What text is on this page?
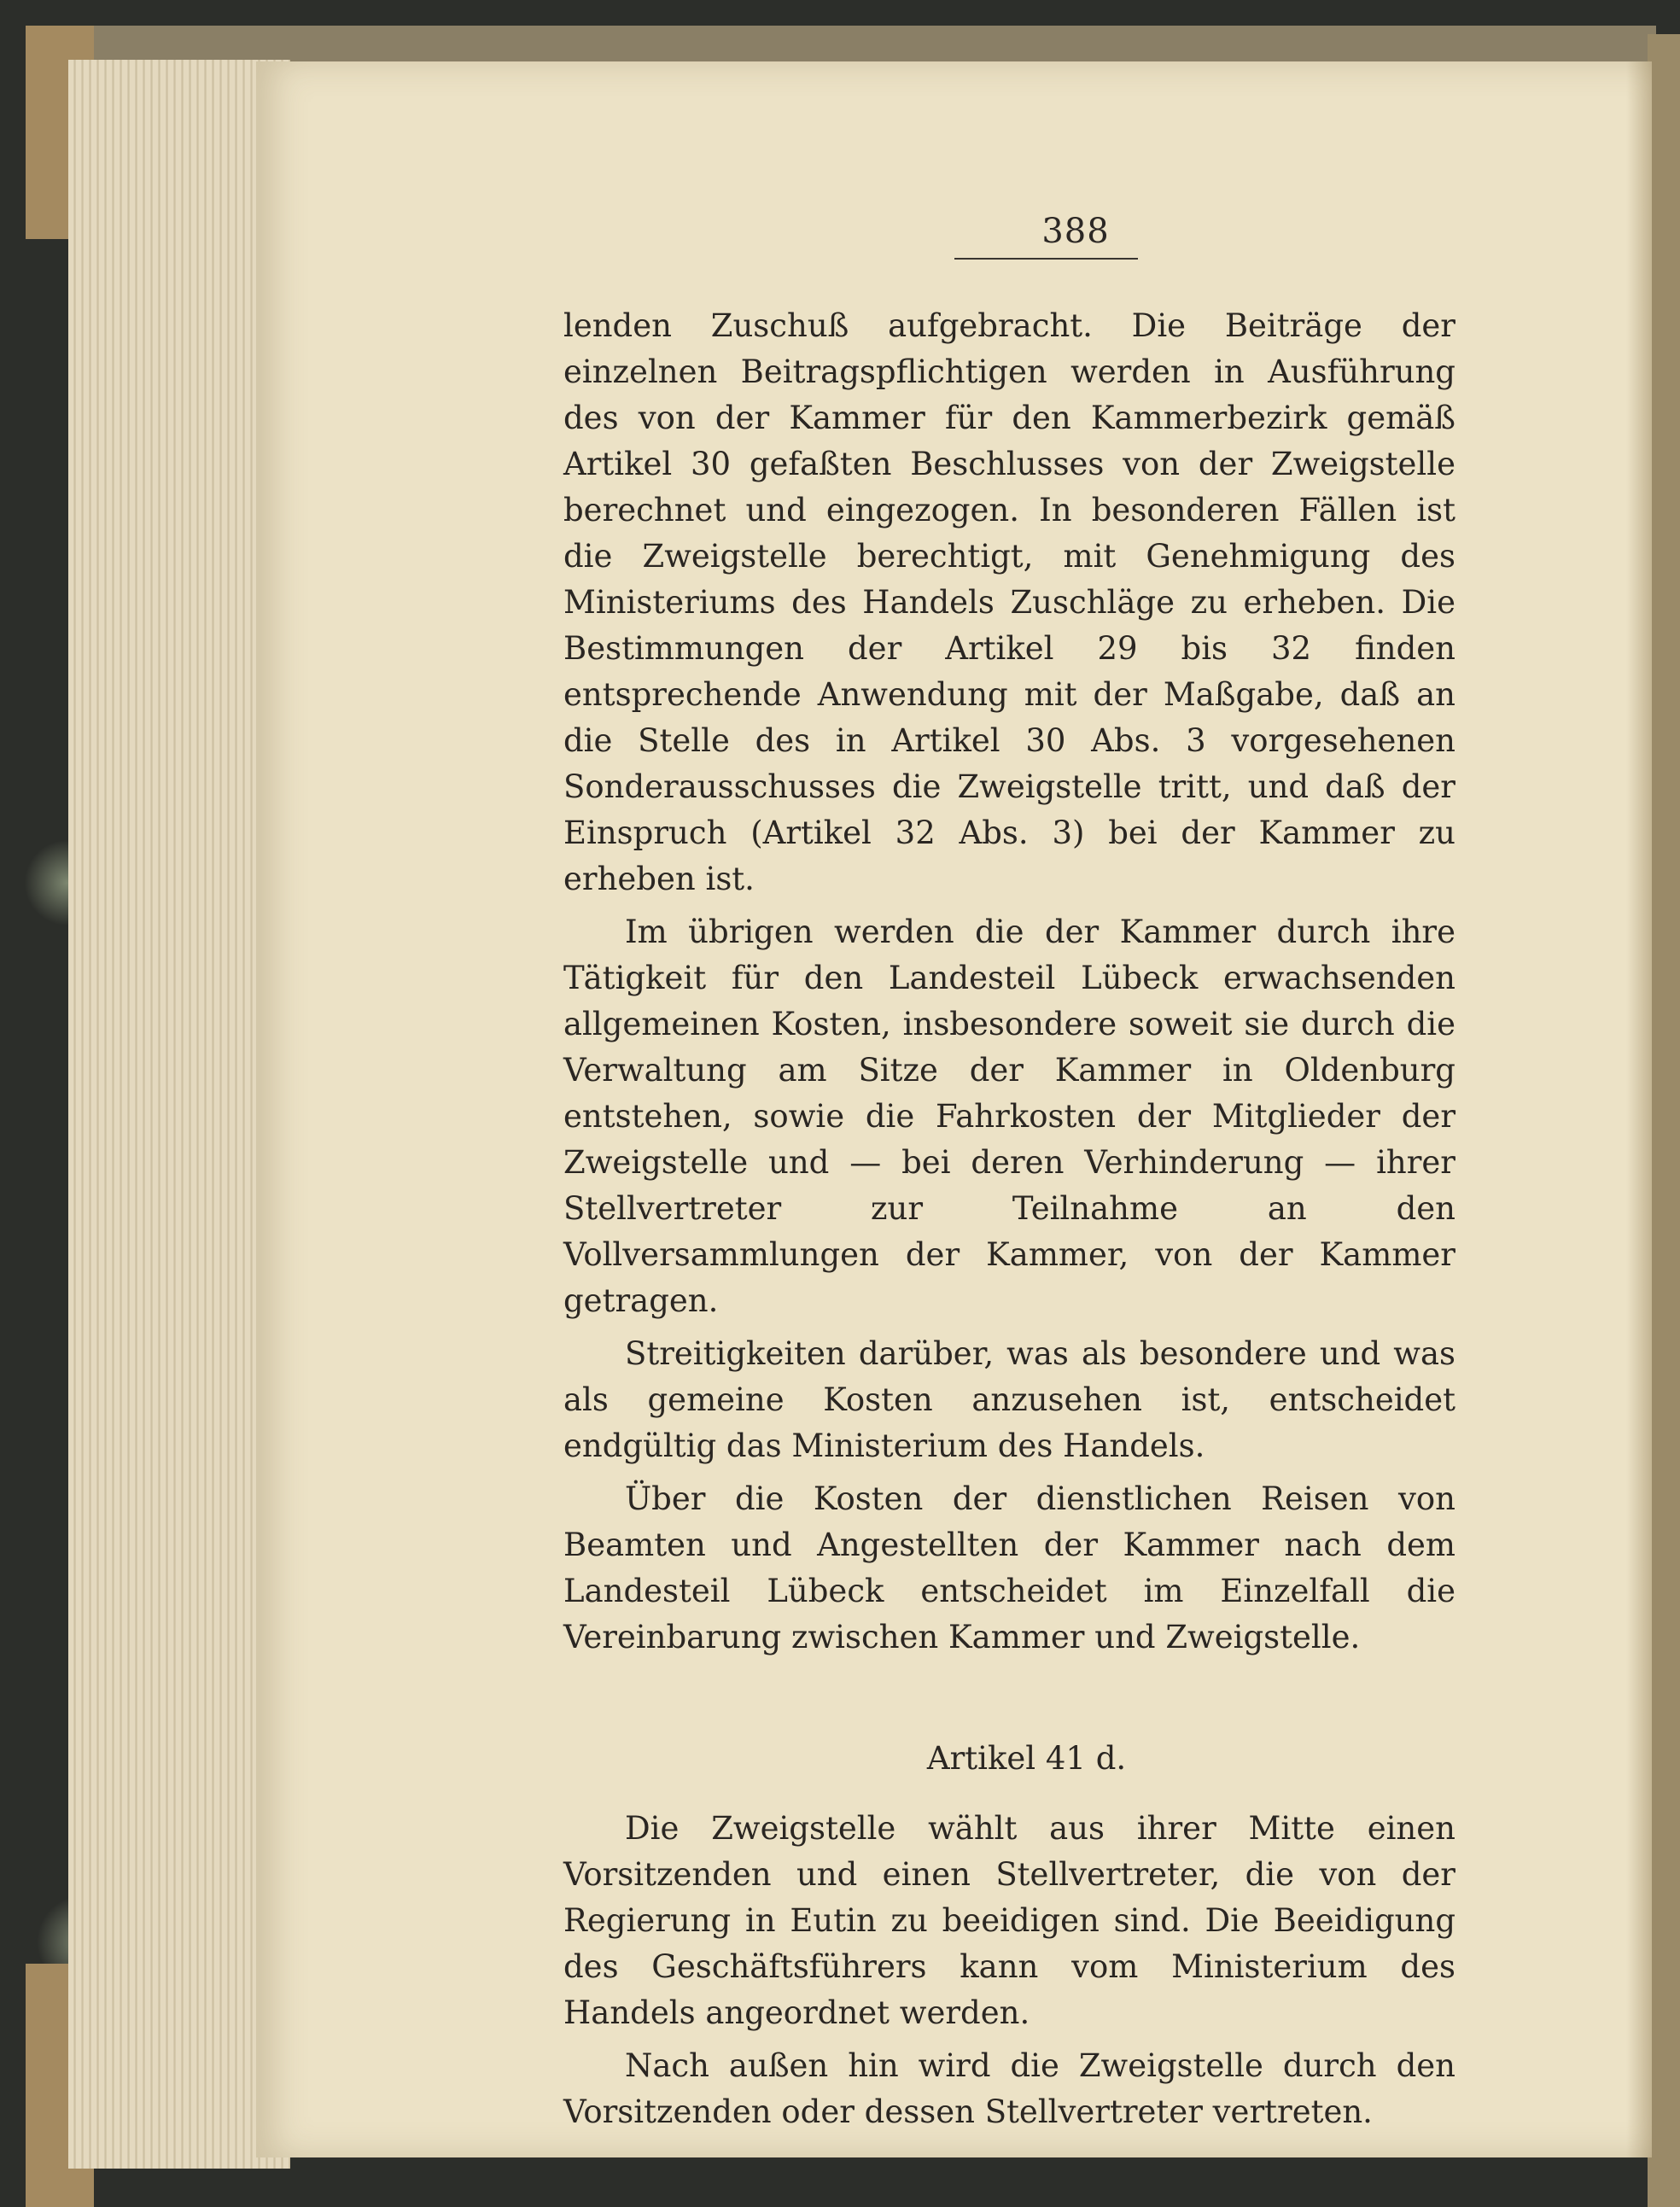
388

lenden Zuschuß aufgebracht. Die Beiträge der einzelnen Beitragspflichtigen werden in Ausführung des von der Kammer für den Kammerbezirk gemäß Artikel 30 gefaßten Beschlusses von der Zweigstelle berechnet und eingezogen. In besonderen Fällen ist die Zweigstelle berechtigt, mit Genehmigung des Ministeriums des Handels Zuschläge zu erheben. Die Bestimmungen der Artikel 29 bis 32 finden entsprechende Anwendung mit der Maßgabe, daß an die Stelle des in Artikel 30 Abs. 3 vorgesehenen Sonderausschusses die Zweigstelle tritt, und daß der Einspruch (Artikel 32 Abs. 3) bei der Kammer zu erheben ist.

Im übrigen werden die der Kammer durch ihre Tätigkeit für den Landesteil Lübeck erwachsenden allgemeinen Kosten, insbesondere soweit sie durch die Verwaltung am Sitze der Kammer in Oldenburg entstehen, sowie die Fahrkosten der Mitglieder der Zweigstelle und — bei deren Verhinderung — ihrer Stellvertreter zur Teilnahme an den Vollversammlungen der Kammer, von der Kammer getragen.

Streitigkeiten darüber, was als besondere und was als gemeine Kosten anzusehen ist, entscheidet endgültig das Ministerium des Handels.

Über die Kosten der dienstlichen Reisen von Beamten und Angestellten der Kammer nach dem Landesteil Lübeck entscheidet im Einzelfall die Vereinbarung zwischen Kammer und Zweigstelle.

Artikel 41 d.

Die Zweigstelle wählt aus ihrer Mitte einen Vorsitzenden und einen Stellvertreter, die von der Regierung in Eutin zu beeidigen sind. Die Beeidigung des Geschäftsführers kann vom Ministerium des Handels angeordnet werden.

Nach außen hin wird die Zweigstelle durch den Vorsitzenden oder dessen Stellvertreter vertreten.
